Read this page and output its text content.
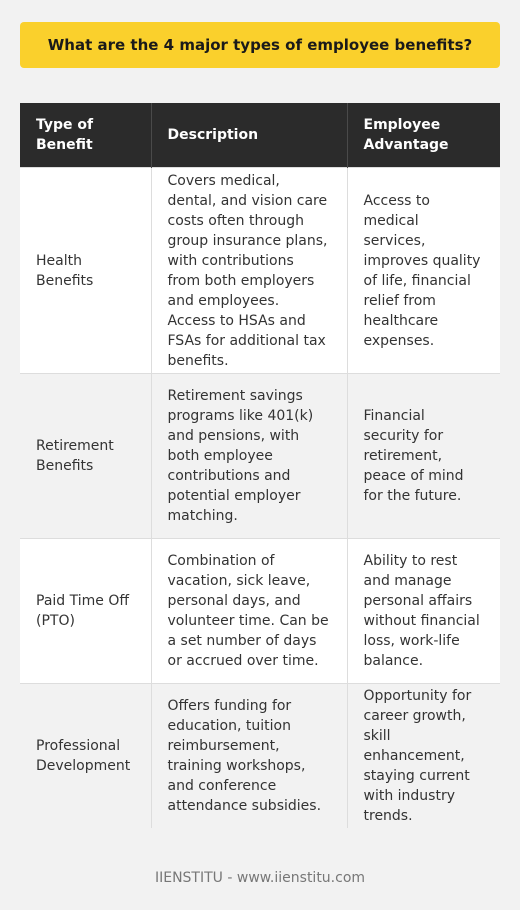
What are the 4 major types of employee benefits?
Type of Benefit	Description	Employee Advantage
Health Benefits	Covers medical, dental, and vision care costs often through group insurance plans, with contributions from both employers and employees. Access to HSAs and FSAs for additional tax benefits.	Access to medical services, improves quality of life, financial relief from healthcare expenses.
Retirement Benefits	Retirement savings programs like 401(k) and pensions, with both employee contributions and potential employer matching.	Financial security for retirement, peace of mind for the future.
Paid Time Off (PTO)	Combination of vacation, sick leave, personal days, and volunteer time. Can be a set number of days or accrued over time.	Ability to rest and manage personal affairs without financial loss, work-life balance.
Professional Development	Offers funding for education, tuition reimbursement, training workshops, and conference attendance subsidies.	Opportunity for career growth, skill enhancement, staying current with industry trends.
IIENSTITU - www.iienstitu.com
